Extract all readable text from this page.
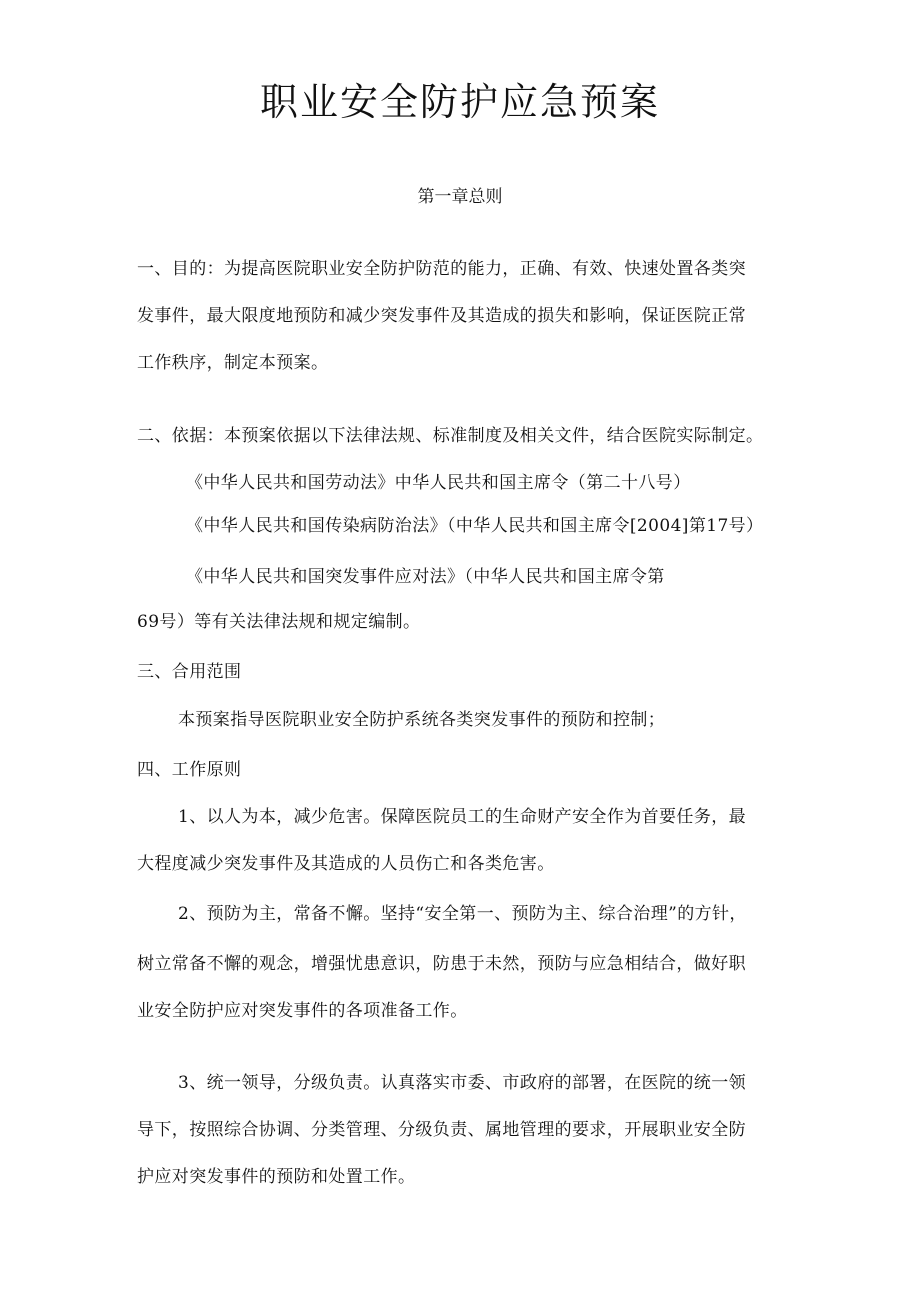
职业安全防护应急预案
第一章总则
一、目的：为提高医院职业安全防护防范的能力，正确、有效、快速处置各类突
发事件，最大限度地预防和减少突发事件及其造成的损失和影响，保证医院正常
工作秩序，制定本预案。
二、依据：本预案依据以下法律法规、标准制度及相关文件，结合医院实际制定。
《中华人民共和国劳动法》中华人民共和国主席令（第二十八号）
《中华人民共和国传染病防治法》（中华人民共和国主席令[2004]第17号）
《中华人民共和国突发事件应对法》（中华人民共和国主席令第
69号）等有关法律法规和规定编制。
三、合用范围
本预案指导医院职业安全防护系统各类突发事件的预防和控制；
四、工作原则
1、以人为本，减少危害。保障医院员工的生命财产安全作为首要任务，最
大程度减少突发事件及其造成的人员伤亡和各类危害。
2、预防为主，常备不懈。坚持“安全第一、预防为主、综合治理”的方针，
树立常备不懈的观念，增强忧患意识，防患于未然，预防与应急相结合，做好职
业安全防护应对突发事件的各项准备工作。
3、统一领导，分级负责。认真落实市委、市政府的部署，在医院的统一领
导下，按照综合协调、分类管理、分级负责、属地管理的要求，开展职业安全防
护应对突发事件的预防和处置工作。
